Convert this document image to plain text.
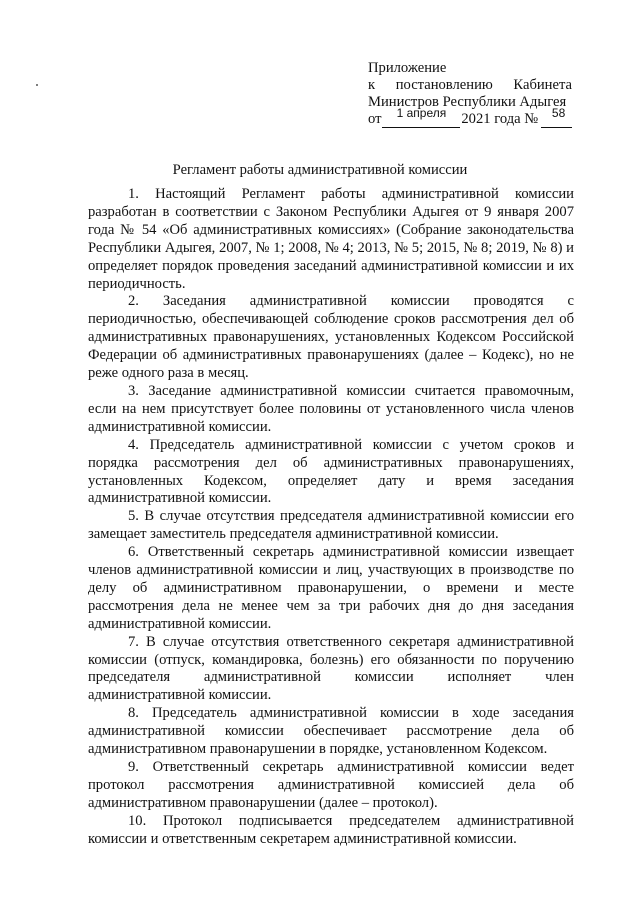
Приложение
к постановлению Кабинета
Министров Республики Адыгея
от	1 апреля	2021 года №	58
Регламент работы административной комиссии

1. Настоящий Регламент работы административной комиссии разработан в соответствии с Законом Республики Адыгея от 9 января 2007 года № 54 «Об административных комиссиях» (Собрание законодательства Республики Адыгея, 2007, № 1; 2008, № 4; 2013, № 5; 2015, № 8; 2019, № 8) и определяет порядок проведения заседаний административной комиссии и их периодичность.

2. Заседания административной комиссии проводятся с периодичностью, обеспечивающей соблюдение сроков рассмотрения дел об административных правонарушениях, установленных Кодексом Российской Федерации об административных правонарушениях (далее – Кодекс), но не реже одного раза в месяц.

3. Заседание административной комиссии считается правомочным, если на нем присутствует более половины от установленного числа членов административной комиссии.

4. Председатель административной комиссии с учетом сроков и порядка рассмотрения дел об административных правонарушениях, установленных Кодексом, определяет дату и время заседания административной комиссии.

5. В случае отсутствия председателя административной комиссии его замещает заместитель председателя административной комиссии.

6. Ответственный секретарь административной комиссии извещает членов административной комиссии и лиц, участвующих в производстве по делу об административном правонарушении, о времени и месте рассмотрения дела не менее чем за три рабочих дня до дня заседания административной комиссии.

7. В случае отсутствия ответственного секретаря административной комиссии (отпуск, командировка, болезнь) его обязанности по поручению председателя административной комиссии исполняет член административной комиссии.

8. Председатель административной комиссии в ходе заседания административной комиссии обеспечивает рассмотрение дела об административном правонарушении в порядке, установленном Кодексом.

9. Ответственный секретарь административной комиссии ведет протокол рассмотрения административной комиссией дела об административном правонарушении (далее – протокол).

10. Протокол подписывается председателем административной комиссии и ответственным секретарем административной комиссии.
